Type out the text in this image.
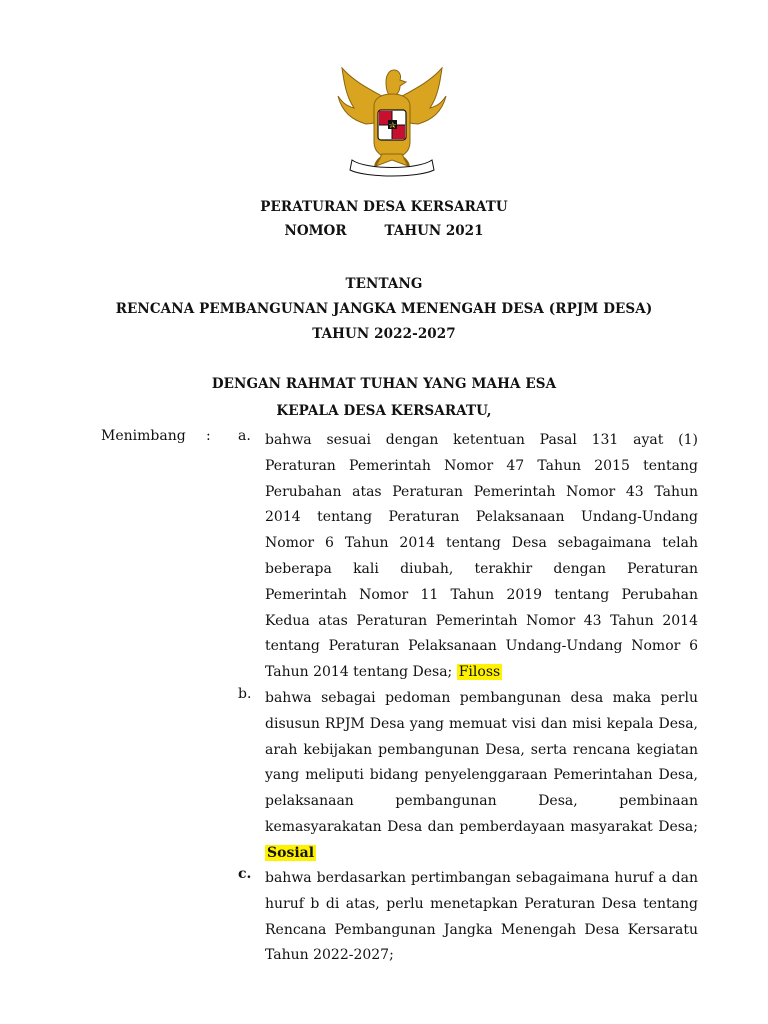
PERATURAN DESA KERSARATU
NOMOR	TAHUN 2021
TENTANG
RENCANA PEMBANGUNAN JANGKA MENENGAH DESA (RPJM DESA)
TAHUN 2022-2027
DENGAN RAHMAT TUHAN YANG MAHA ESA
KEPALA DESA KERSARATU,
Menimbang : a.	bahwa sesuai dengan ketentuan Pasal 131 ayat (1) Peraturan Pemerintah Nomor 47 Tahun 2015 tentang Perubahan atas Peraturan Pemerintah Nomor 43 Tahun 2014 tentang Peraturan Pelaksanaan Undang-Undang Nomor 6 Tahun 2014 tentang Desa sebagaimana telah beberapa kali diubah, terakhir dengan Peraturan Pemerintah Nomor 11 Tahun 2019 tentang Perubahan Kedua atas Peraturan Pemerintah Nomor 43 Tahun 2014 tentang Peraturan Pelaksanaan Undang-Undang Nomor 6 Tahun 2014 tentang Desa; Filoss
b. bahwa sebagai pedoman pembangunan desa maka perlu disusun RPJM Desa yang memuat visi dan misi kepala Desa, arah kebijakan pembangunan Desa, serta rencana kegiatan yang meliputi bidang penyelenggaraan Pemerintahan Desa, pelaksanaan pembangunan Desa, pembinaan kemasyarakatan Desa dan pemberdayaan masyarakat Desa; Sosial
c. bahwa berdasarkan pertimbangan sebagaimana huruf a dan huruf b di atas, perlu menetapkan Peraturan Desa tentang Rencana Pembangunan Jangka Menengah Desa Kersaratu Tahun 2022-2027;
